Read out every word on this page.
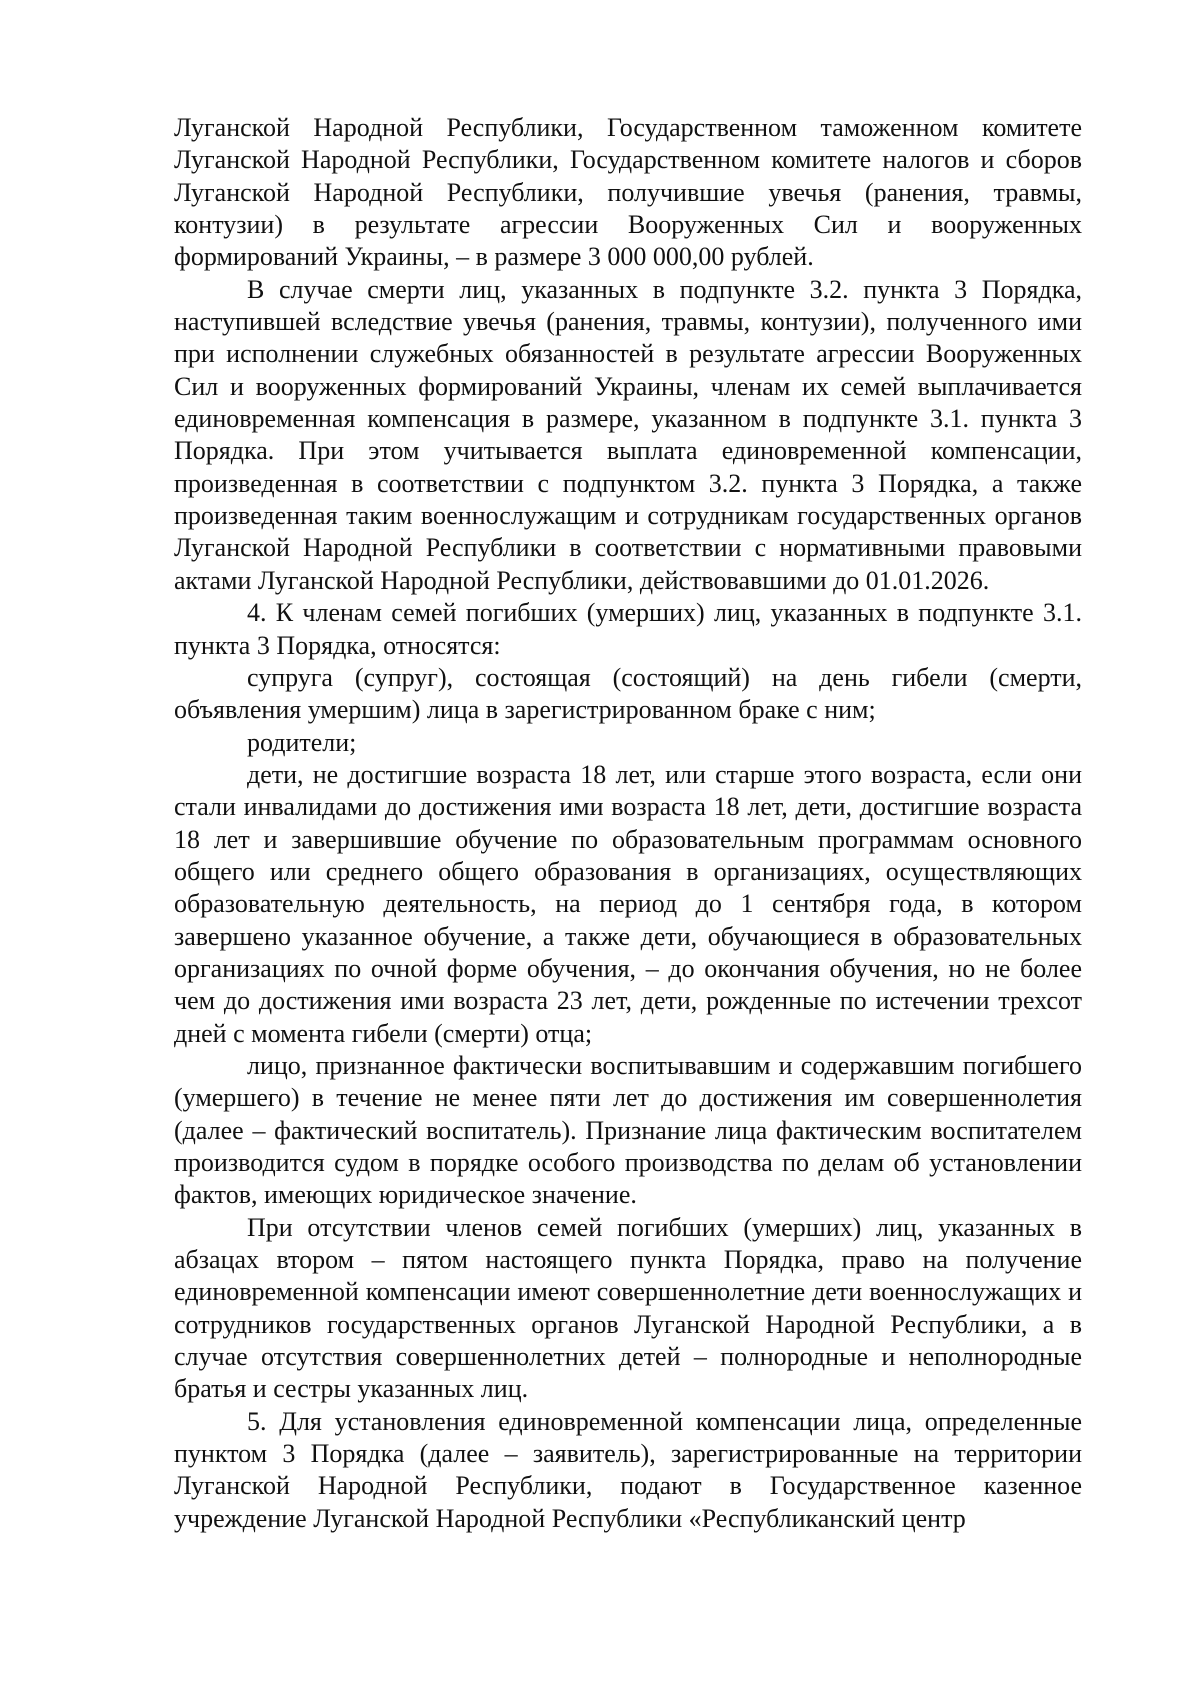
Луганской Народной Республики, Государственном таможенном комитете Луганской Народной Республики, Государственном комитете налогов и сборов Луганской Народной Республики, получившие увечья (ранения, травмы, контузии) в результате агрессии Вооруженных Сил и вооруженных формирований Украины, – в размере 3 000 000,00 рублей.

В случае смерти лиц, указанных в подпункте 3.2. пункта 3 Порядка, наступившей вследствие увечья (ранения, травмы, контузии), полученного ими при исполнении служебных обязанностей в результате агрессии Вооруженных Сил и вооруженных формирований Украины, членам их семей выплачивается единовременная компенсация в размере, указанном в подпункте 3.1. пункта 3 Порядка. При этом учитывается выплата единовременной компенсации, произведенная в соответствии с подпунктом 3.2. пункта 3 Порядка, а также произведенная таким военнослужащим и сотрудникам государственных органов Луганской Народной Республики в соответствии с нормативными правовыми актами Луганской Народной Республики, действовавшими до 01.01.2026.

4. К членам семей погибших (умерших) лиц, указанных в подпункте 3.1. пункта 3 Порядка, относятся:

супруга (супруг), состоящая (состоящий) на день гибели (смерти, объявления умершим) лица в зарегистрированном браке с ним;

родители;

дети, не достигшие возраста 18 лет, или старше этого возраста, если они стали инвалидами до достижения ими возраста 18 лет, дети, достигшие возраста 18 лет и завершившие обучение по образовательным программам основного общего или среднего общего образования в организациях, осуществляющих образовательную деятельность, на период до 1 сентября года, в котором завершено указанное обучение, а также дети, обучающиеся в образовательных организациях по очной форме обучения, – до окончания обучения, но не более чем до достижения ими возраста 23 лет, дети, рожденные по истечении трехсот дней с момента гибели (смерти) отца;

лицо, признанное фактически воспитывавшим и содержавшим погибшего (умершего) в течение не менее пяти лет до достижения им совершеннолетия (далее – фактический воспитатель). Признание лица фактическим воспитателем производится судом в порядке особого производства по делам об установлении фактов, имеющих юридическое значение.

При отсутствии членов семей погибших (умерших) лиц, указанных в абзацах втором – пятом настоящего пункта Порядка, право на получение единовременной компенсации имеют совершеннолетние дети военнослужащих и сотрудников государственных органов Луганской Народной Республики, а в случае отсутствия совершеннолетних детей – полнородные и неполнородные братья и сестры указанных лиц.

5. Для установления единовременной компенсации лица, определенные пунктом 3 Порядка (далее – заявитель), зарегистрированные на территории Луганской Народной Республики, подают в Государственное казенное учреждение Луганской Народной Республики «Республиканский центр
